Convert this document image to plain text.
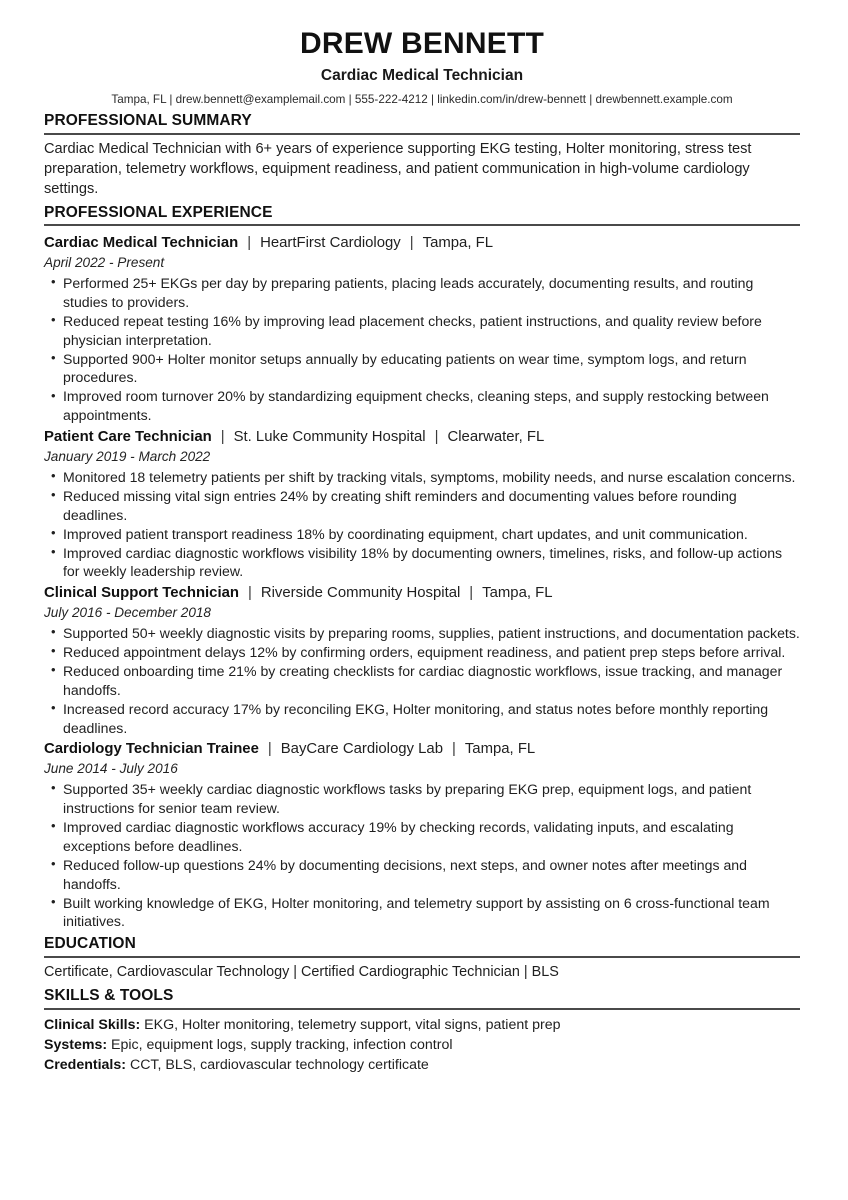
DREW BENNETT
Cardiac Medical Technician
Tampa, FL | drew.bennett@examplemail.com | 555-222-4212 | linkedin.com/in/drew-bennett | drewbennett.example.com
PROFESSIONAL SUMMARY

Cardiac Medical Technician with 6+ years of experience supporting EKG testing, Holter monitoring, stress test preparation, telemetry workflows, equipment readiness, and patient communication in high-volume cardiology settings.

PROFESSIONAL EXPERIENCE
Cardiac Medical Technician | HeartFirst Cardiology | Tampa, FL
April 2022 - Present
• Performed 25+ EKGs per day by preparing patients, placing leads accurately, documenting results, and routing studies to providers.
• Reduced repeat testing 16% by improving lead placement checks, patient instructions, and quality review before physician interpretation.
• Supported 900+ Holter monitor setups annually by educating patients on wear time, symptom logs, and return procedures.
• Improved room turnover 20% by standardizing equipment checks, cleaning steps, and supply restocking between appointments.
Patient Care Technician | St. Luke Community Hospital | Clearwater, FL
January 2019 - March 2022
• Monitored 18 telemetry patients per shift by tracking vitals, symptoms, mobility needs, and nurse escalation concerns.
• Reduced missing vital sign entries 24% by creating shift reminders and documenting values before rounding deadlines.
• Improved patient transport readiness 18% by coordinating equipment, chart updates, and unit communication.
• Improved cardiac diagnostic workflows visibility 18% by documenting owners, timelines, risks, and follow-up actions for weekly leadership review.
Clinical Support Technician | Riverside Community Hospital | Tampa, FL
July 2016 - December 2018
• Supported 50+ weekly diagnostic visits by preparing rooms, supplies, patient instructions, and documentation packets.
• Reduced appointment delays 12% by confirming orders, equipment readiness, and patient prep steps before arrival.
• Reduced onboarding time 21% by creating checklists for cardiac diagnostic workflows, issue tracking, and manager handoffs.
• Increased record accuracy 17% by reconciling EKG, Holter monitoring, and status notes before monthly reporting deadlines.
Cardiology Technician Trainee | BayCare Cardiology Lab | Tampa, FL
June 2014 - July 2016
• Supported 35+ weekly cardiac diagnostic workflows tasks by preparing EKG prep, equipment logs, and patient instructions for senior team review.
• Improved cardiac diagnostic workflows accuracy 19% by checking records, validating inputs, and escalating exceptions before deadlines.
• Reduced follow-up questions 24% by documenting decisions, next steps, and owner notes after meetings and handoffs.
• Built working knowledge of EKG, Holter monitoring, and telemetry support by assisting on 6 cross-functional team initiatives.
EDUCATION

Certificate, Cardiovascular Technology | Certified Cardiographic Technician | BLS

SKILLS & TOOLS

Clinical Skills: EKG, Holter monitoring, telemetry support, vital signs, patient prep

Systems: Epic, equipment logs, supply tracking, infection control

Credentials: CCT, BLS, cardiovascular technology certificate
